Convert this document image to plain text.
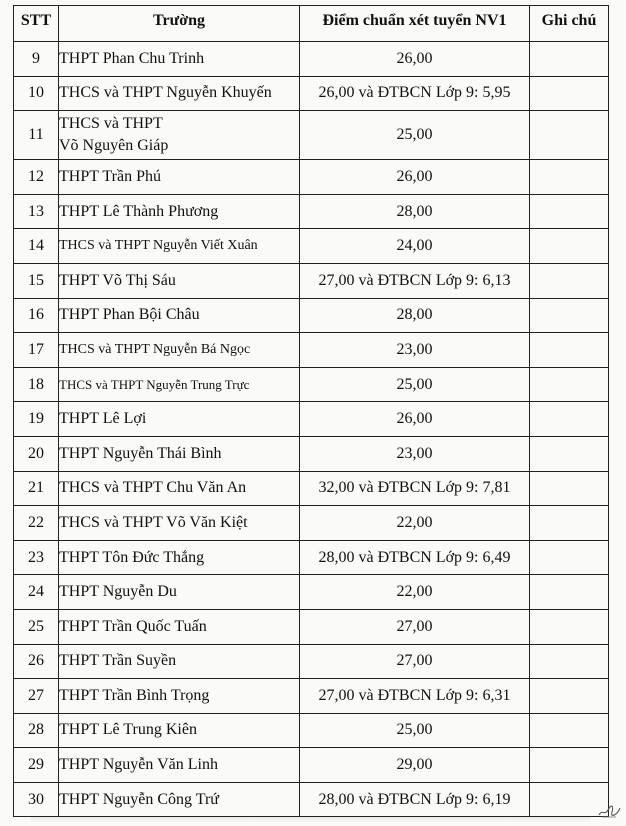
STT	Trường	Điểm chuẩn xét tuyển NV1	Ghi chú
9	THPT Phan Chu Trinh	26,00	
10	THCS và THPT Nguyễn Khuyến	26,00 và ĐTBCN Lớp 9: 5,95	
11	THCS và THPT
Võ Nguyên Giáp	25,00	
12	THPT Trần Phú	26,00	
13	THPT Lê Thành Phương	28,00	
14	THCS và THPT Nguyễn Viết Xuân	24,00	
15	THPT Võ Thị Sáu	27,00 và ĐTBCN Lớp 9: 6,13	
16	THPT Phan Bội Châu	28,00	
17	THCS và THPT Nguyễn Bá Ngọc	23,00	
18	THCS và THPT Nguyễn Trung Trực	25,00	
19	THPT Lê Lợi	26,00	
20	THPT Nguyễn Thái Bình	23,00	
21	THCS và THPT Chu Văn An	32,00 và ĐTBCN Lớp 9: 7,81	
22	THCS và THPT Võ Văn Kiệt	22,00	
23	THPT Tôn Đức Thắng	28,00 và ĐTBCN Lớp 9: 6,49	
24	THPT Nguyễn Du	22,00	
25	THPT Trần Quốc Tuấn	27,00	
26	THPT Trần Suyền	27,00	
27	THPT Trần Bình Trọng	27,00 và ĐTBCN Lớp 9: 6,31	
28	THPT Lê Trung Kiên	25,00	
29	THPT Nguyễn Văn Linh	29,00	
30	THPT Nguyễn Công Trứ	28,00 và ĐTBCN Lớp 9: 6,19	
